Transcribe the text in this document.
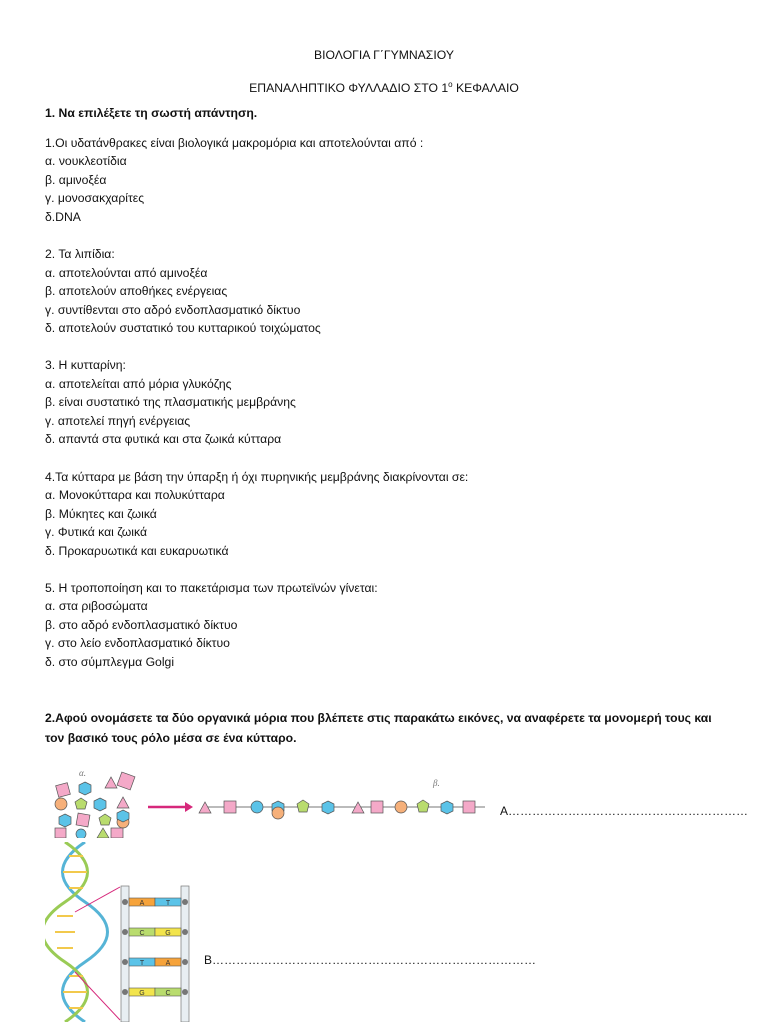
ΒΙΟΛΟΓΙΑ Γ΄ΓΥΜΝΑΣΙΟΥ
ΕΠΑΝΑΛΗΠΤΙΚΟ ΦΥΛΛΑΔΙΟ ΣΤΟ $1^o$ ΚΕΦΑΛΑΙΟ
1. Να επιλέξετε τη σωστή απάντηση.
1.Οι υδατάνθρακες είναι βιολογικά μακρομόρια και αποτελούνται από :
α. νουκλεοτίδια
β. αμινοξέα
γ. μονοσακχαρίτες
δ.DNA
2. Τα λιπίδια:
α. αποτελούνται από αμινοξέα
β. αποτελούν αποθήκες ενέργειας
γ. συντίθενται στο αδρό ενδοπλασματικό δίκτυο
δ. αποτελούν συστατικό του κυτταρικού τοιχώματος
3. Η κυτταρίνη:
α. αποτελείται από μόρια γλυκόζης
β. είναι συστατικό της πλασματικής μεμβράνης
γ. αποτελεί πηγή ενέργειας
δ. απαντά στα φυτικά και στα ζωικά κύτταρα
4.Τα κύτταρα με βάση την ύπαρξη ή όχι πυρηνικής μεμβράνης διακρίνονται σε:
α. Μονοκύτταρα και πολυκύτταρα
β. Μύκητες και ζωικά
γ. Φυτικά και ζωικά
δ. Προκαρυωτικά και ευκαρυωτικά
5. Η τροποποίηση και το πακετάρισμα των πρωτεϊνών γίνεται:
α. στα ριβοσώματα
β. στο αδρό ενδοπλασματικό δίκτυο
γ. στο λείο ενδοπλασματικό δίκτυο
δ. στο σύμπλεγμα Golgi
2.Αφού ονομάσετε τα δύο οργανικά μόρια που βλέπετε στις παρακάτω εικόνες, να αναφέρετε τα μονομερή τους και
τον βασικό τους ρόλο μέσα σε ένα κύτταρο.
α.
β.
Α……………………………………………………
A	T
C	G
T	A
G	C
Β………………………………………………………………………
